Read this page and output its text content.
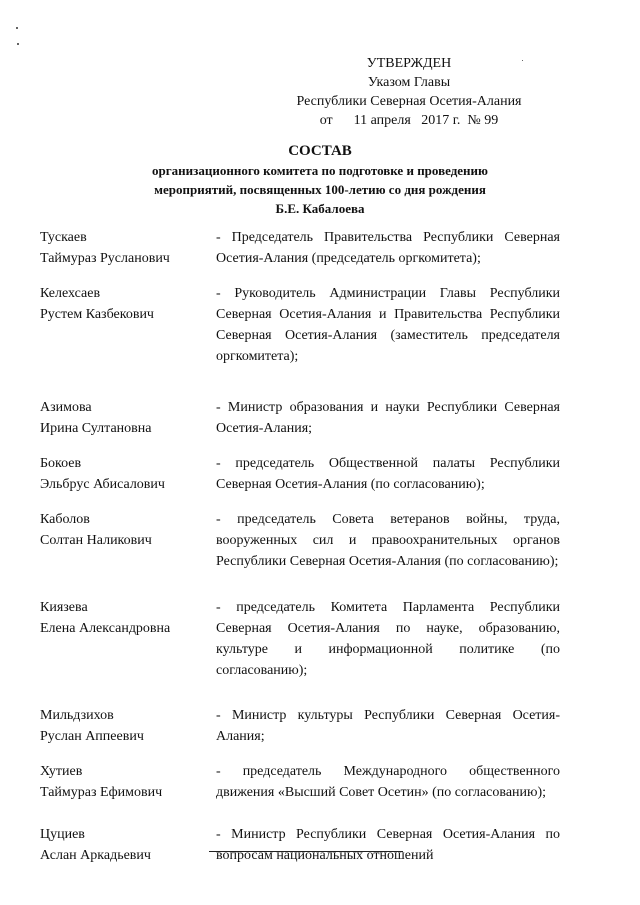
УТВЕРЖДЕН
Указом Главы
Республики Северная Осетия-Алания
от      11 апреля   2017 г.  № 99
СОСТАВ
организационного комитета по подготовке и проведению
мероприятий, посвященных 100-летию со дня рождения
Б.Е. Кабалоева
Тускаев
Таймураз Русланович
- Председатель Правительства Республики Северная Осетия-Алания (председатель оргкомитета);
Келехсаев
Рустем Казбекович
- Руководитель Администрации Главы Республики Северная Осетия-Алания и Правительства Республики Северная Осетия-Алания (заместитель председателя оргкомитета);
Азимова
Ирина Султановна
- Министр образования и науки Республики Северная Осетия-Алания;
Бокоев
Эльбрус Абисалович
- председатель Общественной палаты Республики Северная Осетия-Алания (по согласованию);
Каболов
Солтан Наликович
- председатель Совета ветеранов войны, труда, вооруженных сил и правоохранительных органов Республики Северная Осетия-Алания (по согласованию);
Киязева
Елена Александровна
- председатель Комитета Парламента Республики Северная Осетия-Алания по науке, образованию, культуре и информационной политике (по согласованию);
Мильдзихов
Руслан Аппеевич
- Министр культуры Республики Северная Осетия-Алания;
Хутиев
Таймураз Ефимович
- председатель Международного общественного движения «Высший Совет Осетин» (по согласованию);
Цуциев
Аслан Аркадьевич
- Министр Республики Северная Осетия-Алания по вопросам национальных отношений
